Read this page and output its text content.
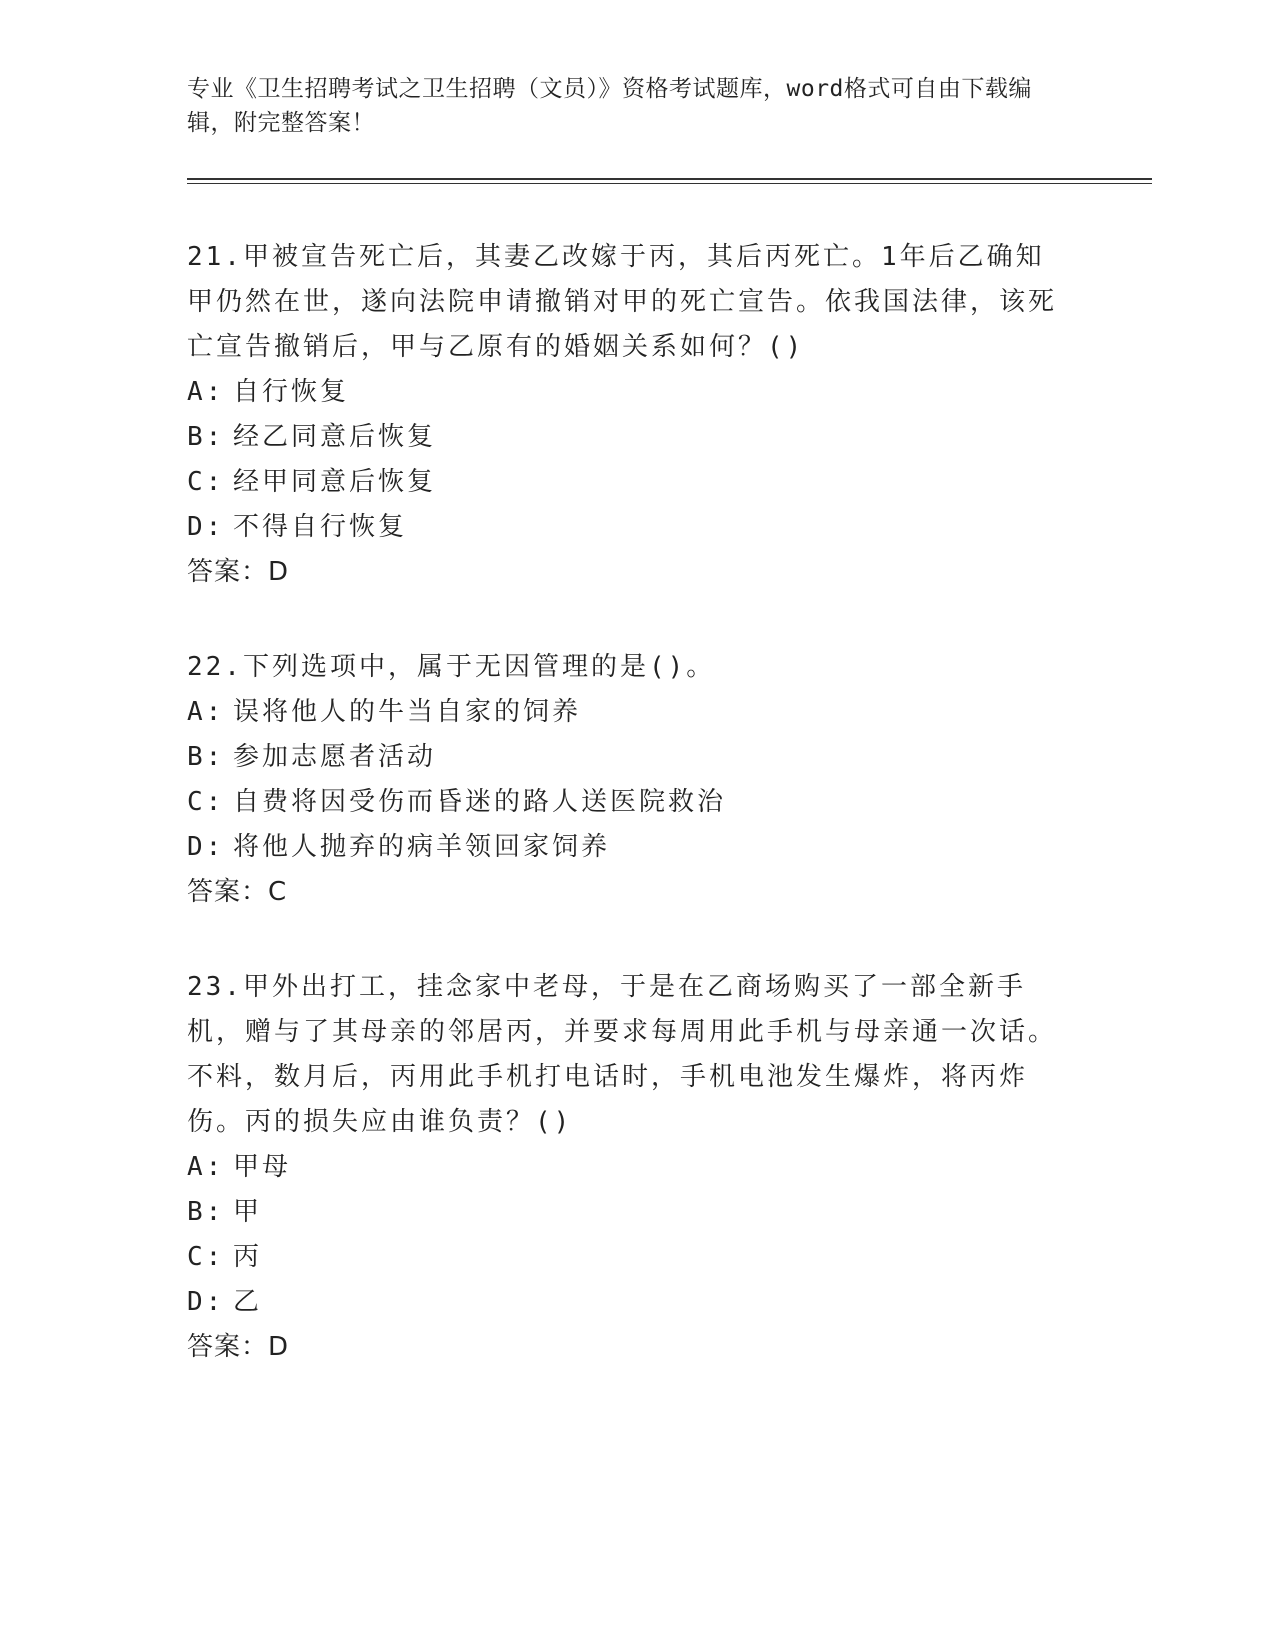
专业《卫生招聘考试之卫生招聘（文员）》资格考试题库，word格式可自由下载编辑，附完整答案！

21.甲被宣告死亡后，其妻乙改嫁于丙，其后丙死亡。1年后乙确知甲仍然在世，遂向法院申请撤销对甲的死亡宣告。依我国法律，该死亡宣告撤销后，甲与乙原有的婚姻关系如何？()

A: 自行恢复

B: 经乙同意后恢复

C: 经甲同意后恢复

D: 不得自行恢复

答案：D

22.下列选项中，属于无因管理的是()。

A: 误将他人的牛当自家的饲养

B: 参加志愿者活动

C: 自费将因受伤而昏迷的路人送医院救治

D: 将他人抛弃的病羊领回家饲养

答案：C

23.甲外出打工，挂念家中老母，于是在乙商场购买了一部全新手机，赠与了其母亲的邻居丙，并要求每周用此手机与母亲通一次话。不料，数月后，丙用此手机打电话时，手机电池发生爆炸，将丙炸伤。丙的损失应由谁负责？()

A: 甲母

B: 甲

C: 丙

D: 乙

答案：D
